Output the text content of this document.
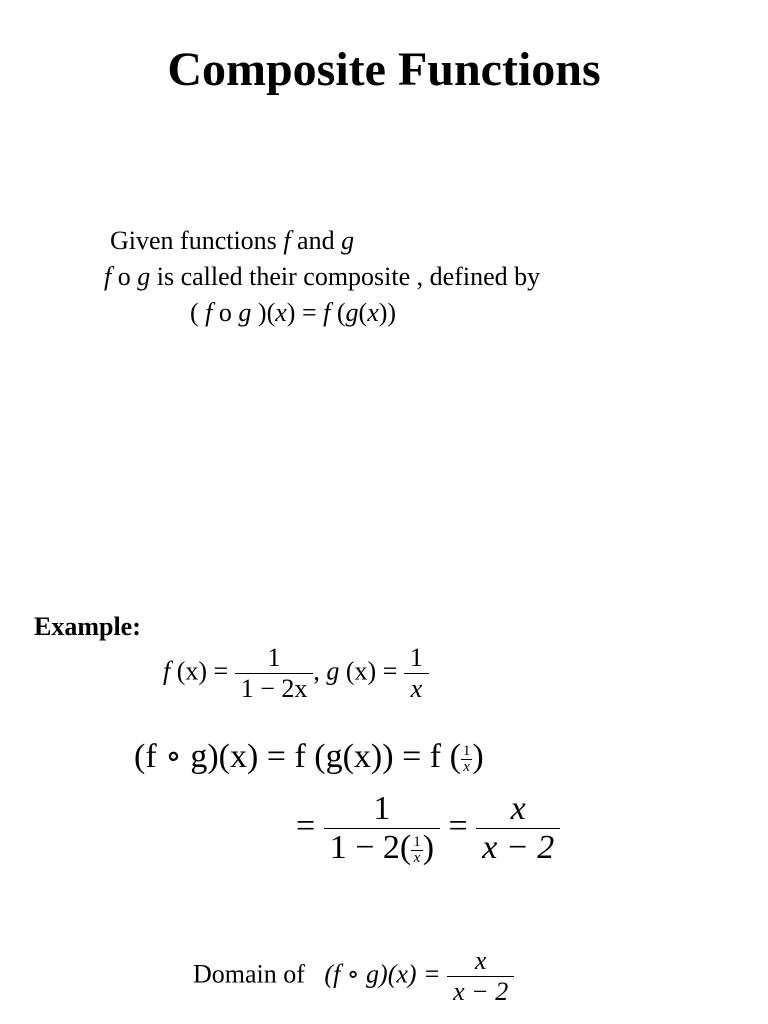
Composite Functions
Given functions f and g
f o g is called their composite , defined by
( f o g )(x) = f (g(x))
Example:
f $(x) = \frac{1}{1 - 2x}$ , g $(x) = \frac{1}{x}$
(f ∘ g)(x) = f (g(x)) = f ( $\frac{1}{x}$ )
= $\frac{1}{1 - 2( \frac{1}{x} )} = \frac{x}{x - 2}$
Domain of (f ∘ $g)(x) = \frac{x}{x - 2}$
